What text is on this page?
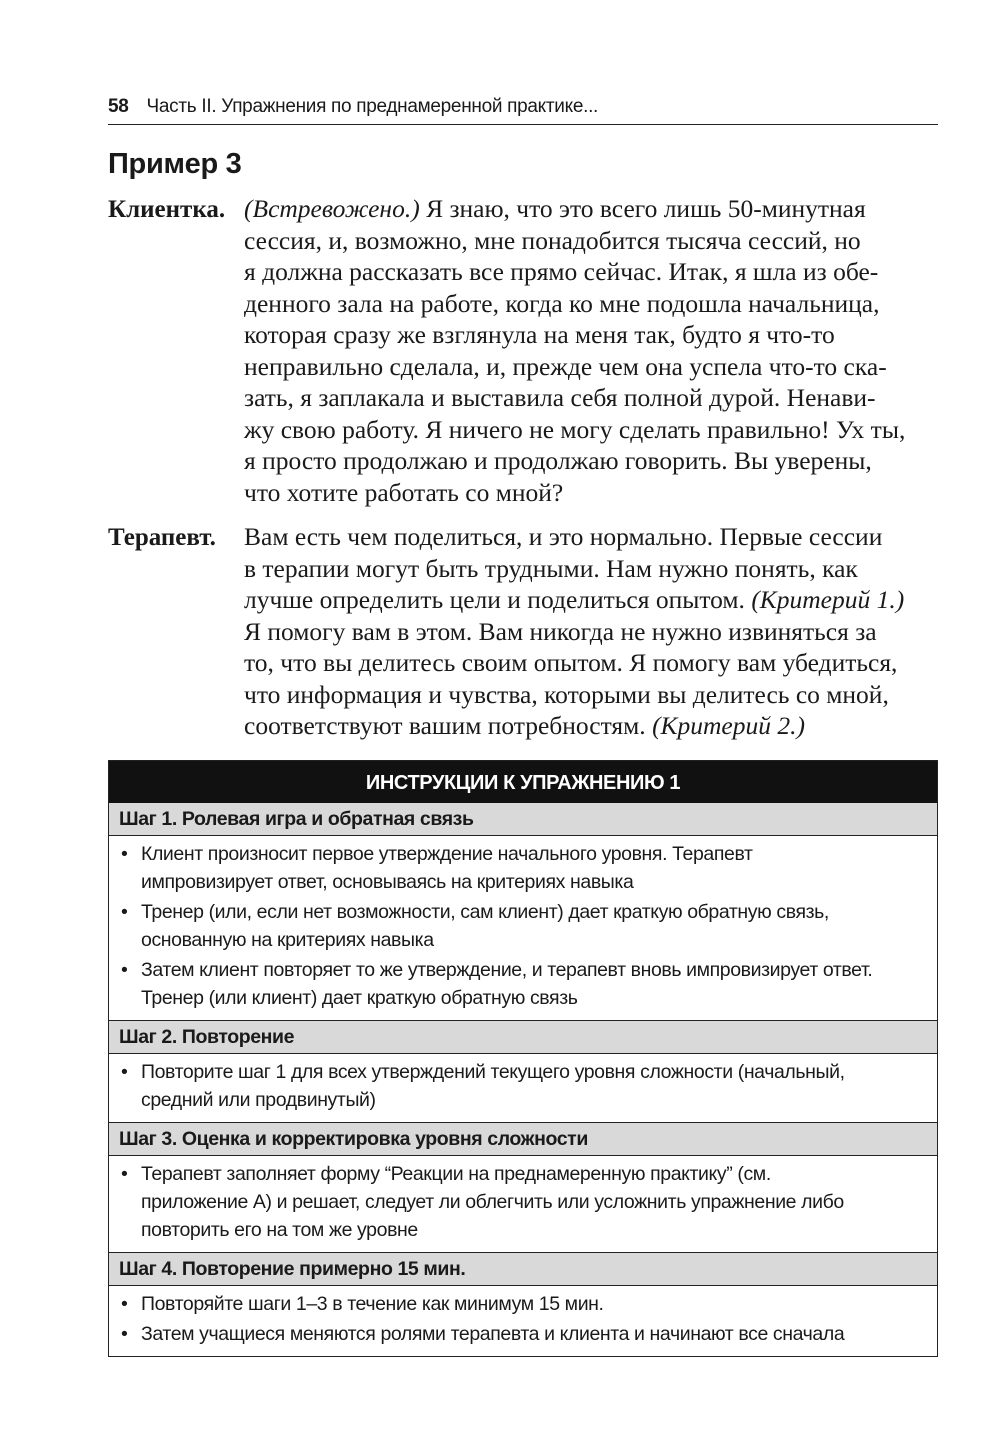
58 Часть II. Упражнения по преднамеренной практике...
Пример 3
Клиентка. (Встревожено.) Я знаю, что это всего лишь 50-минутная
сессия, и, возможно, мне понадобится тысяча сессий, но
я должна рассказать все прямо сейчас. Итак, я шла из обе-
денного зала на работе, когда ко мне подошла начальница,
которая сразу же взглянула на меня так, будто я что-то
неправильно сделала, и, прежде чем она успела что-то ска-
зать, я заплакала и выставила себя полной дурой. Ненави-
жу свою работу. Я ничего не могу сделать правильно! Ух ты,
я просто продолжаю и продолжаю говорить. Вы уверены,
что хотите работать со мной?
Терапевт. Вам есть чем поделиться, и это нормально. Первые сессии
в терапии могут быть трудными. Нам нужно понять, как
лучше определить цели и поделиться опытом. (Критерий 1.)
Я помогу вам в этом. Вам никогда не нужно извиняться за
то, что вы делитесь своим опытом. Я помогу вам убедиться,
что информация и чувства, которыми вы делитесь со мной,
соответствуют вашим потребностям. (Критерий 2.)
ИНСТРУКЦИИ К УПРАЖНЕНИЮ 1
Шаг 1. Ролевая игра и обратная связь
• Клиент произносит первое утверждение начального уровня. Терапевт
импровизирует ответ, основываясь на критериях навыка
• Тренер (или, если нет возможности, сам клиент) дает краткую обратную связь,
основанную на критериях навыка
• Затем клиент повторяет то же утверждение, и терапевт вновь импровизирует ответ.
Тренер (или клиент) дает краткую обратную связь
Шаг 2. Повторение
• Повторите шаг 1 для всех утверждений текущего уровня сложности (начальный,
средний или продвинутый)
Шаг 3. Оценка и корректировка уровня сложности
• Терапевт заполняет форму “Реакции на преднамеренную практику” (см.
приложение А) и решает, следует ли облегчить или усложнить упражнение либо
повторить его на том же уровне
Шаг 4. Повторение примерно 15 мин.
• Повторяйте шаги 1–3 в течение как минимум 15 мин.
• Затем учащиеся меняются ролями терапевта и клиента и начинают все сначала
